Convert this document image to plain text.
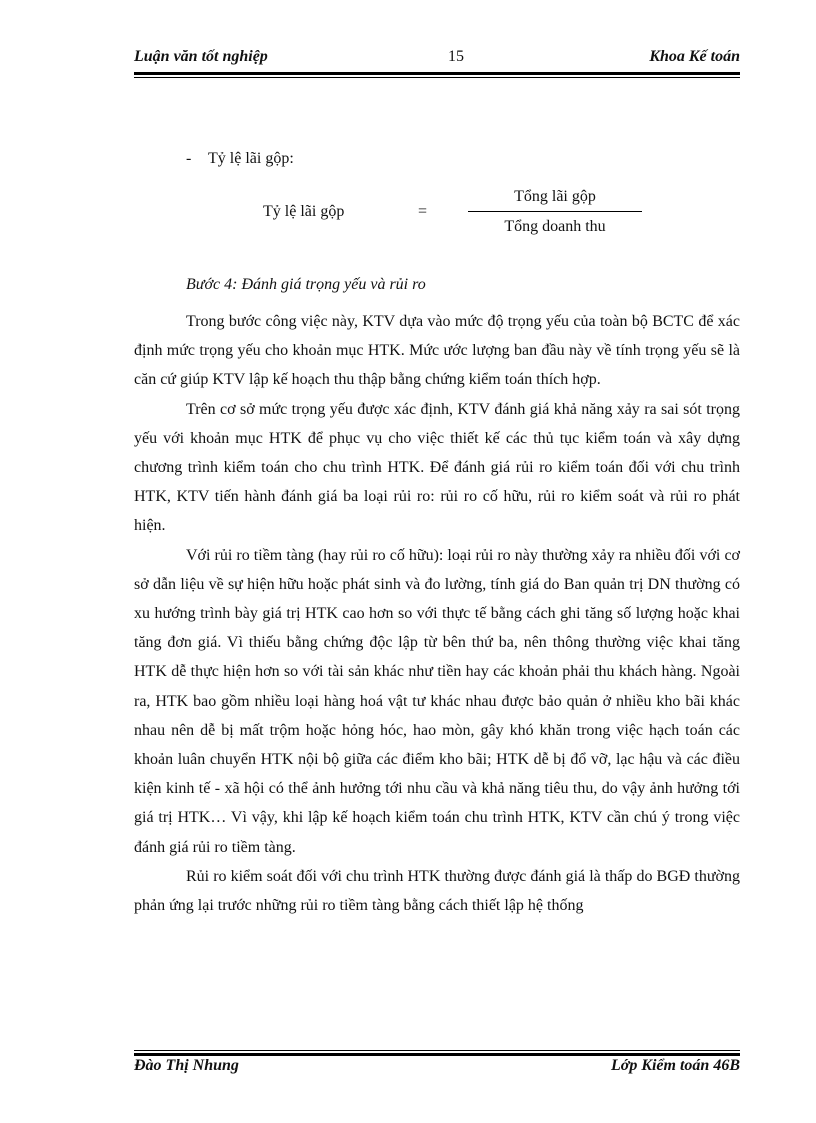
Luận văn tốt nghiệp	15	Khoa Kế toán
- Tỷ lệ lãi gộp:
Tỷ lệ lãi gộp	=
Tổng lãi gộp
Tổng doanh thu
Bước 4: Đánh giá trọng yếu và rủi ro

Trong bước công việc này, KTV dựa vào mức độ trọng yếu của toàn bộ BCTC để xác định mức trọng yếu cho khoản mục HTK. Mức ước lượng ban đầu này về tính trọng yếu sẽ là căn cứ giúp KTV lập kế hoạch thu thập bằng chứng kiểm toán thích hợp.

Trên cơ sở mức trọng yếu được xác định, KTV đánh giá khả năng xảy ra sai sót trọng yếu với khoản mục HTK để phục vụ cho việc thiết kế các thủ tục kiểm toán và xây dựng chương trình kiểm toán cho chu trình HTK. Để đánh giá rủi ro kiểm toán đối với chu trình HTK, KTV tiến hành đánh giá ba loại rủi ro: rủi ro cố hữu, rủi ro kiểm soát và rủi ro phát hiện.

Với rủi ro tiềm tàng (hay rủi ro cố hữu): loại rủi ro này thường xảy ra nhiều đối với cơ sở dẫn liệu về sự hiện hữu hoặc phát sinh và đo lường, tính giá do Ban quản trị DN thường có xu hướng trình bày giá trị HTK cao hơn so với thực tế bằng cách ghi tăng số lượng hoặc khai tăng đơn giá. Vì thiếu bằng chứng độc lập từ bên thứ ba, nên thông thường việc khai tăng HTK dễ thực hiện hơn so với tài sản khác như tiền hay các khoản phải thu khách hàng. Ngoài ra, HTK bao gồm nhiều loại hàng hoá vật tư khác nhau được bảo quản ở nhiều kho bãi khác nhau nên dễ bị mất trộm hoặc hỏng hóc, hao mòn, gây khó khăn trong việc hạch toán các khoản luân chuyển HTK nội bộ giữa các điểm kho bãi; HTK dễ bị đổ vỡ, lạc hậu và các điều kiện kinh tế - xã hội có thể ảnh hưởng tới nhu cầu và khả năng tiêu thu, do vậy ảnh hưởng tới giá trị HTK… Vì vậy, khi lập kế hoạch kiểm toán chu trình HTK, KTV cần chú ý trong việc đánh giá rủi ro tiềm tàng.

Rủi ro kiểm soát đối với chu trình HTK thường được đánh giá là thấp do BGĐ thường phản ứng lại trước những rủi ro tiềm tàng bằng cách thiết lập hệ thống

Đào Thị Nhung	Lớp Kiểm toán 46B
